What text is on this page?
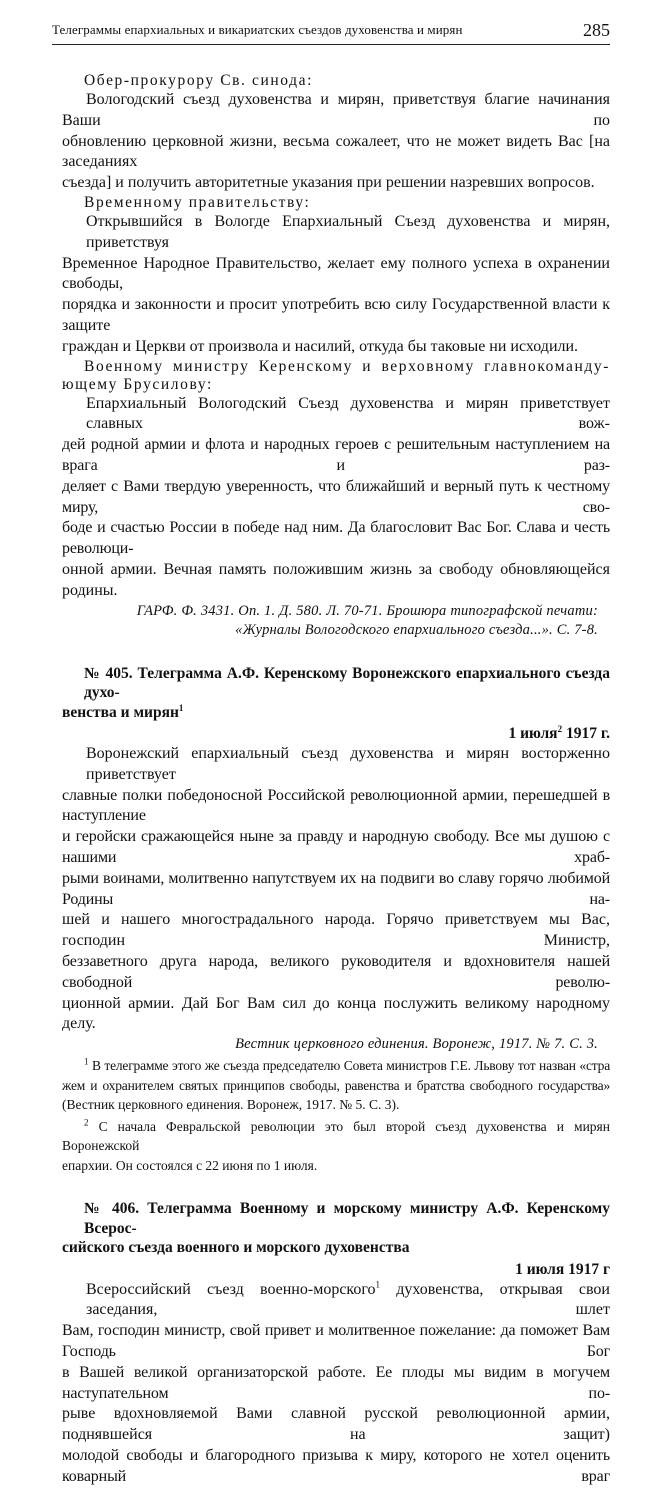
Телеграммы епархиальных и викариатских съездов духовенства и мирян	285
Обер-прокурору Св. синода:
Вологодский съезд духовенства и мирян, приветствуя благие начинания Ваши по
обновлению церковной жизни, весьма сожалеет, что не может видеть Вас [на заседаниях
съезда] и получить авторитетные указания при решении назревших вопросов.
Временному правительству:
Открывшийся в Вологде Епархиальный Съезд духовенства и мирян, приветствуя
Временное Народное Правительство, желает ему полного успеха в охранении свободы,
порядка и законности и просит употребить всю силу Государственной власти к защите
граждан и Церкви от произвола и насилий, откуда бы таковые ни исходили.
Военному министру Керенскому и верховному главнокоманду-
ющему Брусилову:
Епархиальный Вологодский Съезд духовенства и мирян приветствует славных вож-
дей родной армии и флота и народных героев с решительным наступлением на врага и раз-
деляет с Вами твердую уверенность, что ближайший и верный путь к честному миру, сво-
боде и счастью России в победе над ним. Да благословит Вас Бог. Слава и честь революци-
онной армии. Вечная память положившим жизнь за свободу обновляющейся родины.
ГАРФ. Ф. 3431. Оп. 1. Д. 580. Л. 70-71. Брошюра типографской печати:
«Журналы Вологодского епархиального съезда...». С. 7-8.
№ 405. Телеграмма А.Ф. Керенскому Воронежского епархиального съезда духо-
венства и мирян$^1$
1 июля$^2$ 1917 г.
Воронежский епархиальный съезд духовенства и мирян восторженно приветствует
славные полки победоносной Российской революционной армии, перешедшей в наступление
и геройски сражающейся ныне за правду и народную свободу. Все мы душою с нашими храб-
рыми воинами, молитвенно напутствуем их на подвиги во славу горячо любимой Родины на-
шей и нашего многострадального народа. Горячо приветствуем мы Вас, господин Министр,
беззаветного друга народа, великого руководителя и вдохновителя нашей свободной револю-
ционной армии. Дай Бог Вам сил до конца послужить великому народному делу.
Вестник церковного единения. Воронеж, 1917. № 7. С. 3.
$^1$ В телеграмме этого же съезда председателю Совета министров Г.Е. Львову тот назван «стра
жем и охранителем святых принципов свободы, равенства и братства свободного государства»
(Вестник церковного единения. Воронеж, 1917. № 5. С. 3).
$^2$ С начала Февральской революции это был второй съезд духовенства и мирян Воронежской
епархии. Он состоялся с 22 июня по 1 июля.
№ 406. Телеграмма Военному и морскому министру А.Ф. Керенскому Всерос-
сийского съезда военного и морского духовенства
1 июля 1917 г
Всероссийский съезд военно-морского$^1$ духовенства, открывая свои заседания, шлет
Вам, господин министр, свой привет и молитвенное пожелание: да поможет Вам Господь Бог
в Вашей великой организаторской работе. Ее плоды мы видим в могучем наступательном по-
рыве вдохновляемой Вами славной русской революционной армии, поднявшейся на защит)
молодой свободы и благородного призыва к миру, которого не хотел оценить коварный враг
